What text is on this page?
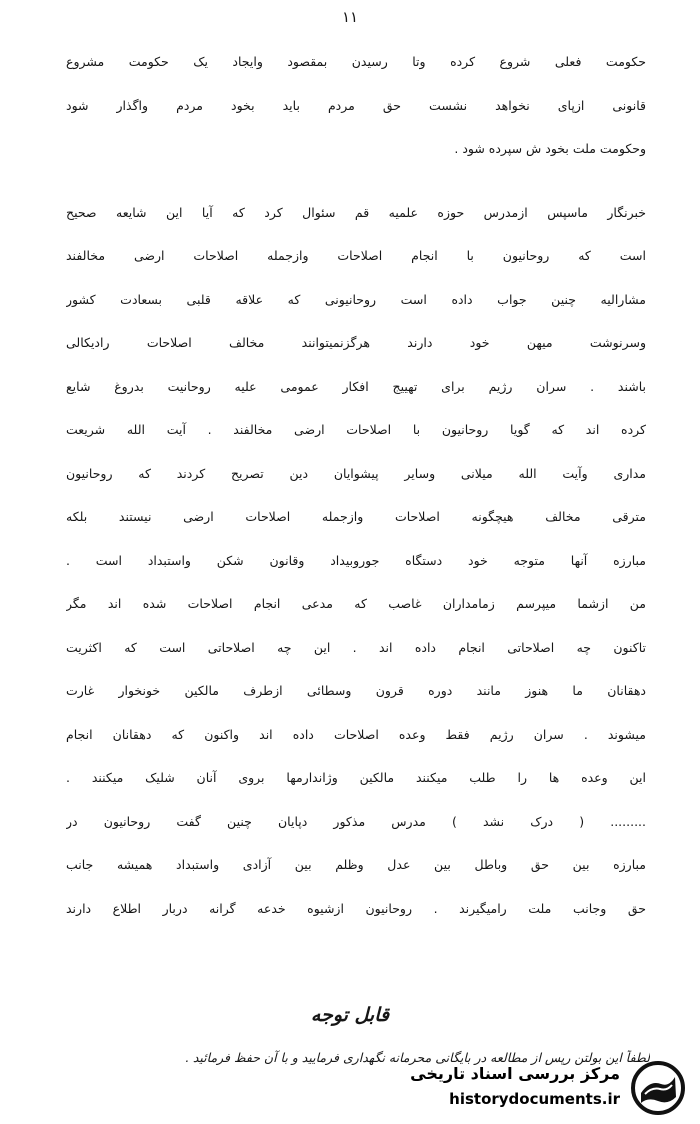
۱۱
حکومت فعلی شروع کرده وتا رسیدن بمقصود وایجاد یک حکومت مشروع
قانونی ازپای نخواهد نشست حق مردم باید بخود مردم واگذار شود
وحکومت ملت بخود ش سپرده شود .
خبرنگار ماسپس ازمدرس حوزه علمیه قم سئوال کرد که آیا این شایعه صحیح
است که روحانیون با انجام اصلاحات وازجمله اصلاحات ارضی مخالفند
مشارالیه چنین جواب داده است روحانیونی که علاقه قلبی بسعادت کشور
وسرنوشت میهن خود دارند هرگزنمیتوانند مخالف اصلاحات رادیکالی
باشند . سران رژیم برای تهییج افکار عمومی علیه روحانیت بدروغ شایع
کرده اند که گویا روحانیون با اصلاحات ارضی مخالفند . آیت الله شریعت
مداری وآیت الله میلانی وسایر پیشوایان دین تصریح کردند که روحانیون
مترقی مخالف هیچگونه اصلاحات وازجمله اصلاحات ارضی نیستند بلکه
مبارزه آنها متوجه خود دستگاه جوروبیداد وقانون شکن واستبداد است .
من ازشما میپرسم زمامداران غاصب که مدعی انجام اصلاحات شده اند مگر
تاکنون چه اصلاحاتی انجام داده اند . این چه اصلاحاتی است که اکثریت
دهقانان ما هنوز مانند دوره قرون وسطائی ازطرف مالکین خونخوار غارت
میشوند . سران رژیم فقط وعده اصلاحات داده اند واکنون که دهقانان انجام
این وعده ها را طلب میکنند مالکین وژاندارمها بروی آنان شلیک میکنند .
......... ( درک نشد ) مدرس مذکور دپایان چنین گفت روحانیون در
مبارزه بین حق وباطل بین عدل وظلم بین آزادی واستبداد همیشه جانب
حق وجانب ملت رامیگیرند . روحانیون ازشیوه خدعه گرانه دربار اطلاع دارند
قابل توجه
لطفاً این بولتن رپس از مطالعه در بایگانی محرمانه نگهداری فرمایید و با آن حفظ فرمائید .
مرکز بررسی اسناد تاریخی
historydocuments.ir
